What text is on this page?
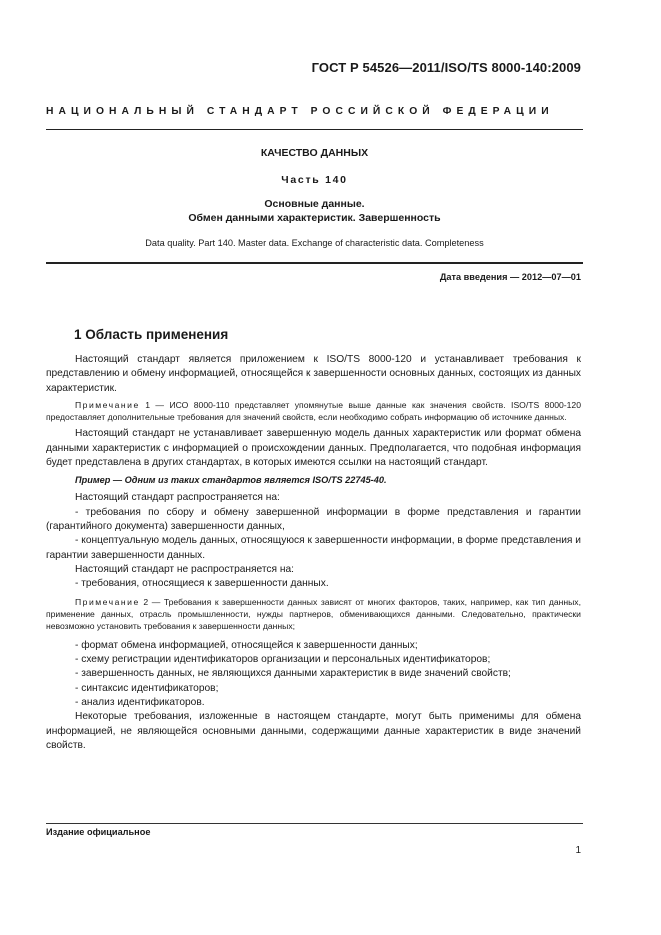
ГОСТ Р 54526—2011/ISO/TS 8000-140:2009
НАЦИОНАЛЬНЫЙ СТАНДАРТ РОССИЙСКОЙ ФЕДЕРАЦИИ
КАЧЕСТВО ДАННЫХ
Часть 140
Основные данные.
Обмен данными характеристик. Завершенность
Data quality. Part 140. Master data. Exchange of characteristic data. Completeness
Дата введения — 2012—07—01
1 Область применения

Настоящий стандарт является приложением к ISO/TS 8000-120 и устанавливает требования к представлению и обмену информацией, относящейся к завершенности основных данных, состоящих из данных характеристик.

Примечание 1 — ИСО 8000-110 представляет упомянутые выше данные как значения свойств. ISO/TS 8000-120 предоставляет дополнительные требования для значений свойств, если необходимо собрать информацию об источнике данных.

Настоящий стандарт не устанавливает завершенную модель данных характеристик или формат обмена данными характеристик с информацией о происхождении данных. Предполагается, что подобная информация будет представлена в других стандартах, в которых имеются ссылки на настоящий стандарт.

Пример — Одним из таких стандартов является ISO/TS 22745-40.

Настоящий стандарт распространяется на:

- требования по сбору и обмену завершенной информации в форме представления и гарантии (гарантийного документа) завершенности данных,

- концептуальную модель данных, относящуюся к завершенности информации, в форме представления и гарантии завершенности данных.

Настоящий стандарт не распространяется на:

- требования, относящиеся к завершенности данных.

Примечание 2 — Требования к завершенности данных зависят от многих факторов, таких, например, как тип данных, применение данных, отрасль промышленности, нужды партнеров, обменивающихся данными. Следовательно, практически невозможно установить требования к завершенности данных;

- формат обмена информацией, относящейся к завершенности данных;

- схему регистрации идентификаторов организации и персональных идентификаторов;

- завершенность данных, не являющихся данными характеристик в виде значений свойств;

- синтаксис идентификаторов;

- анализ идентификаторов.

Некоторые требования, изложенные в настоящем стандарте, могут быть применимы для обмена информацией, не являющейся основными данными, содержащими данные характеристик в виде значений свойств.

Издание официальное
1
